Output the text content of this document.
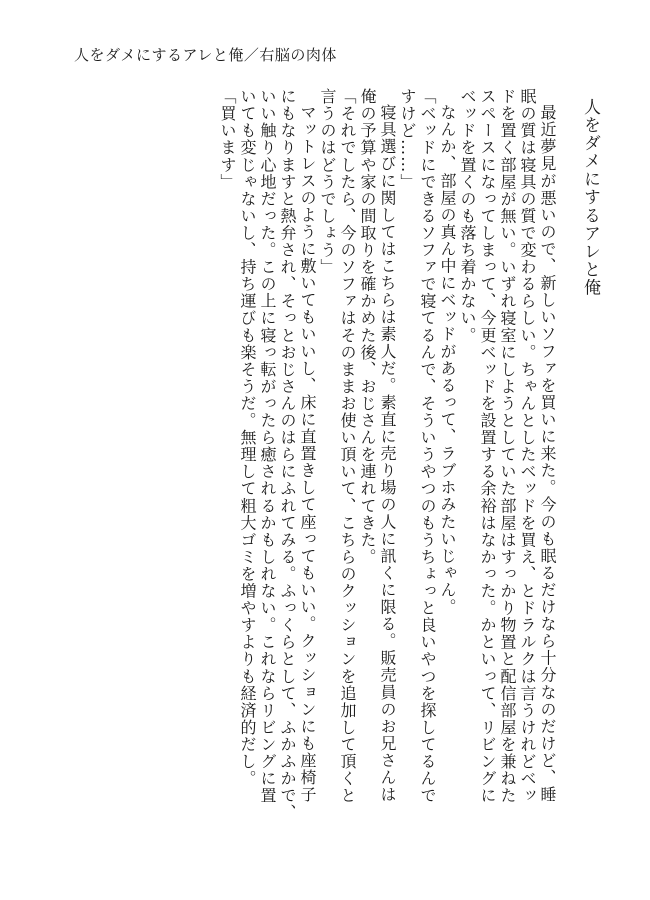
人をダメにするアレと俺／右脳の肉体
人をダメにするアレと俺

最近夢見が悪いので、新しいソファを買いに来た。今のも眠るだけなら十分なのだけど、睡

眠の質は寝具の質で変わるらしい。ちゃんとしたベッドを買え、とドラルクは言うけれどベッ

ドを置く部屋が無い。いずれ寝室にしようとしていた部屋はすっかり物置と配信部屋を兼ねた

スペースになってしまって、今更ベッドを設置する余裕はなかった。かといって、リビングに

ベッドを置くのも落ち着かない。

なんか、部屋の真ん中にベッドがあるって、ラブホみたいじゃん。

「ベッドにできるソファで寝てるんで、そういうやつのもうちょっと良いやつを探してるんで

すけど……」

寝具選びに関してはこちらは素人だ。素直に売り場の人に訊くに限る。販売員のお兄さんは

俺の予算や家の間取りを確かめた後、おじさんを連れてきた。

「それでしたら、今のソファはそのままお使い頂いて、こちらのクッションを追加して頂くと

言うのはどうでしょう」

マットレスのように敷いてもいいし、床に直置きして座ってもいい。クッションにも座椅子

にもなりますと熱弁され、そっとおじさんのはらにふれてみる。ふっくらとして、ふかふかで、

いい触り心地だった。この上に寝っ転がったら癒されるかもしれない。これならリビングに置

いても変じゃないし、持ち運びも楽そうだ。無理して粗大ゴミを増やすよりも経済的だし。

「買います」
